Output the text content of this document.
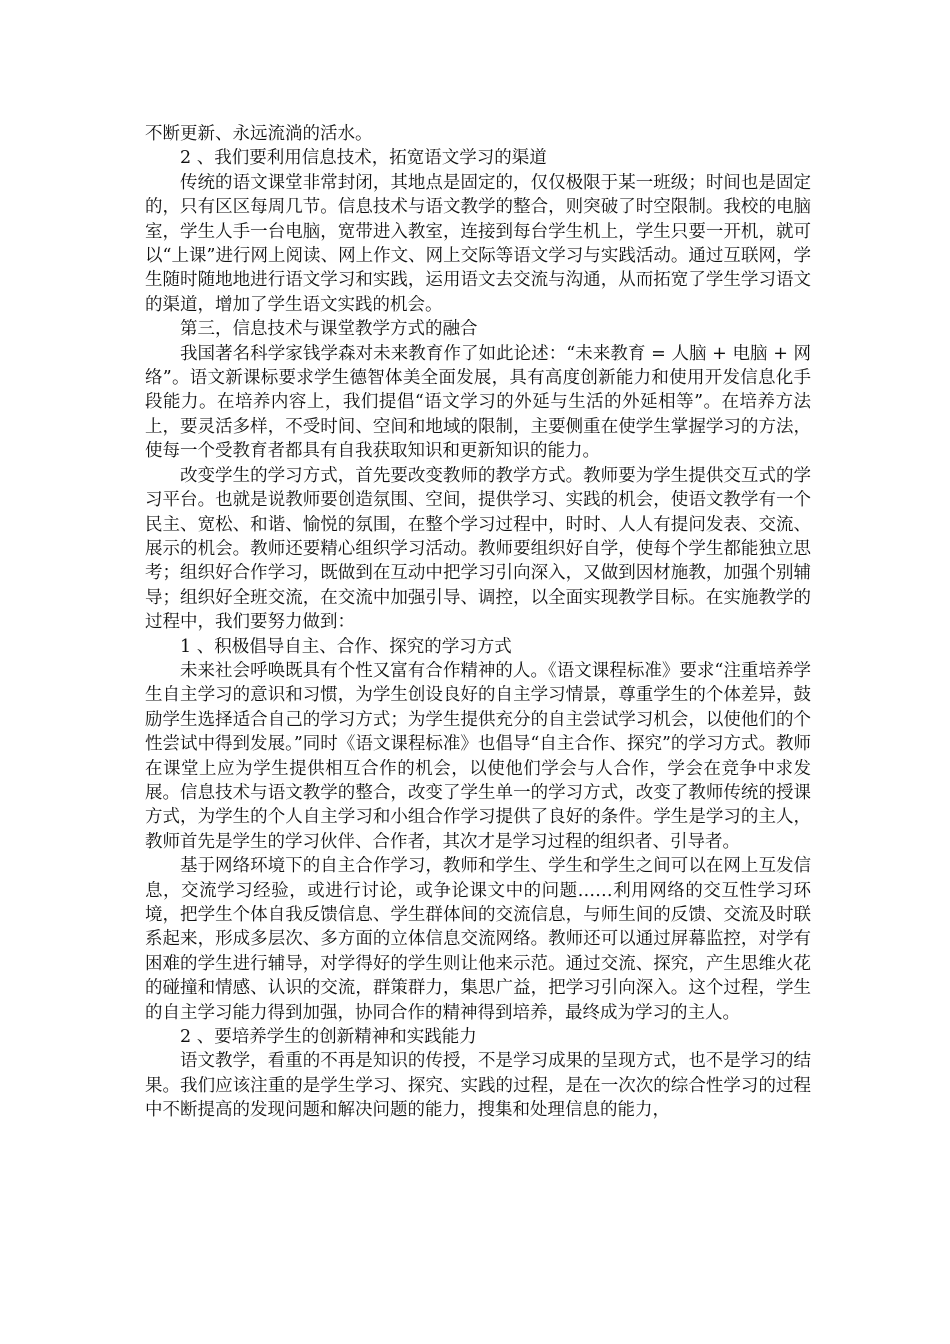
不断更新、永远流淌的活水。

2 、我们要利用信息技术，拓宽语文学习的渠道

传统的语文课堂非常封闭，其地点是固定的，仅仅极限于某一班级；时间也是固定的，只有区区每周几节。信息技术与语文教学的整合，则突破了时空限制。我校的电脑室，学生人手一台电脑，宽带进入教室，连接到每台学生机上，学生只要一开机，就可以“上课”进行网上阅读、网上作文、网上交际等语文学习与实践活动。通过互联网，学生随时随地地进行语文学习和实践，运用语文去交流与沟通，从而拓宽了学生学习语文的渠道，增加了学生语文实践的机会。

第三，信息技术与课堂教学方式的融合

我国著名科学家钱学森对未来教育作了如此论述：“未来教育 = 人脑 + 电脑 + 网络”。语文新课标要求学生德智体美全面发展，具有高度创新能力和使用开发信息化手段能力。在培养内容上，我们提倡“语文学习的外延与生活的外延相等”。在培养方法上，要灵活多样，不受时间、空间和地域的限制，主要侧重在使学生掌握学习的方法，使每一个受教育者都具有自我获取知识和更新知识的能力。

改变学生的学习方式，首先要改变教师的教学方式。教师要为学生提供交互式的学习平台。也就是说教师要创造氛围、空间，提供学习、实践的机会，使语文教学有一个民主、宽松、和谐、愉悦的氛围，在整个学习过程中，时时、人人有提问发表、交流、展示的机会。教师还要精心组织学习活动。教师要组织好自学，使每个学生都能独立思考；组织好合作学习，既做到在互动中把学习引向深入，又做到因材施教，加强个别辅导；组织好全班交流，在交流中加强引导、调控，以全面实现教学目标。在实施教学的过程中，我们要努力做到：

1 、积极倡导自主、合作、探究的学习方式

未来社会呼唤既具有个性又富有合作精神的人。《语文课程标准》要求“注重培养学生自主学习的意识和习惯，为学生创设良好的自主学习情景，尊重学生的个体差异，鼓励学生选择适合自己的学习方式；为学生提供充分的自主尝试学习机会，以使他们的个性尝试中得到发展。”同时《语文课程标准》也倡导“自主合作、探究”的学习方式。教师在课堂上应为学生提供相互合作的机会，以使他们学会与人合作，学会在竞争中求发展。信息技术与语文教学的整合，改变了学生单一的学习方式，改变了教师传统的授课方式，为学生的个人自主学习和小组合作学习提供了良好的条件。学生是学习的主人，教师首先是学生的学习伙伴、合作者，其次才是学习过程的组织者、引导者。

基于网络环境下的自主合作学习，教师和学生、学生和学生之间可以在网上互发信息，交流学习经验，或进行讨论，或争论课文中的问题……利用网络的交互性学习环境，把学生个体自我反馈信息、学生群体间的交流信息，与师生间的反馈、交流及时联系起来，形成多层次、多方面的立体信息交流网络。教师还可以通过屏幕监控，对学有困难的学生进行辅导，对学得好的学生则让他来示范。通过交流、探究，产生思维火花的碰撞和情感、认识的交流，群策群力，集思广益，把学习引向深入。这个过程，学生的自主学习能力得到加强，协同合作的精神得到培养，最终成为学习的主人。

2 、要培养学生的创新精神和实践能力

语文教学，看重的不再是知识的传授，不是学习成果的呈现方式，也不是学习的结果。我们应该注重的是学生学习、探究、实践的过程，是在一次次的综合性学习的过程中不断提高的发现问题和解决问题的能力，搜集和处理信息的能力，
